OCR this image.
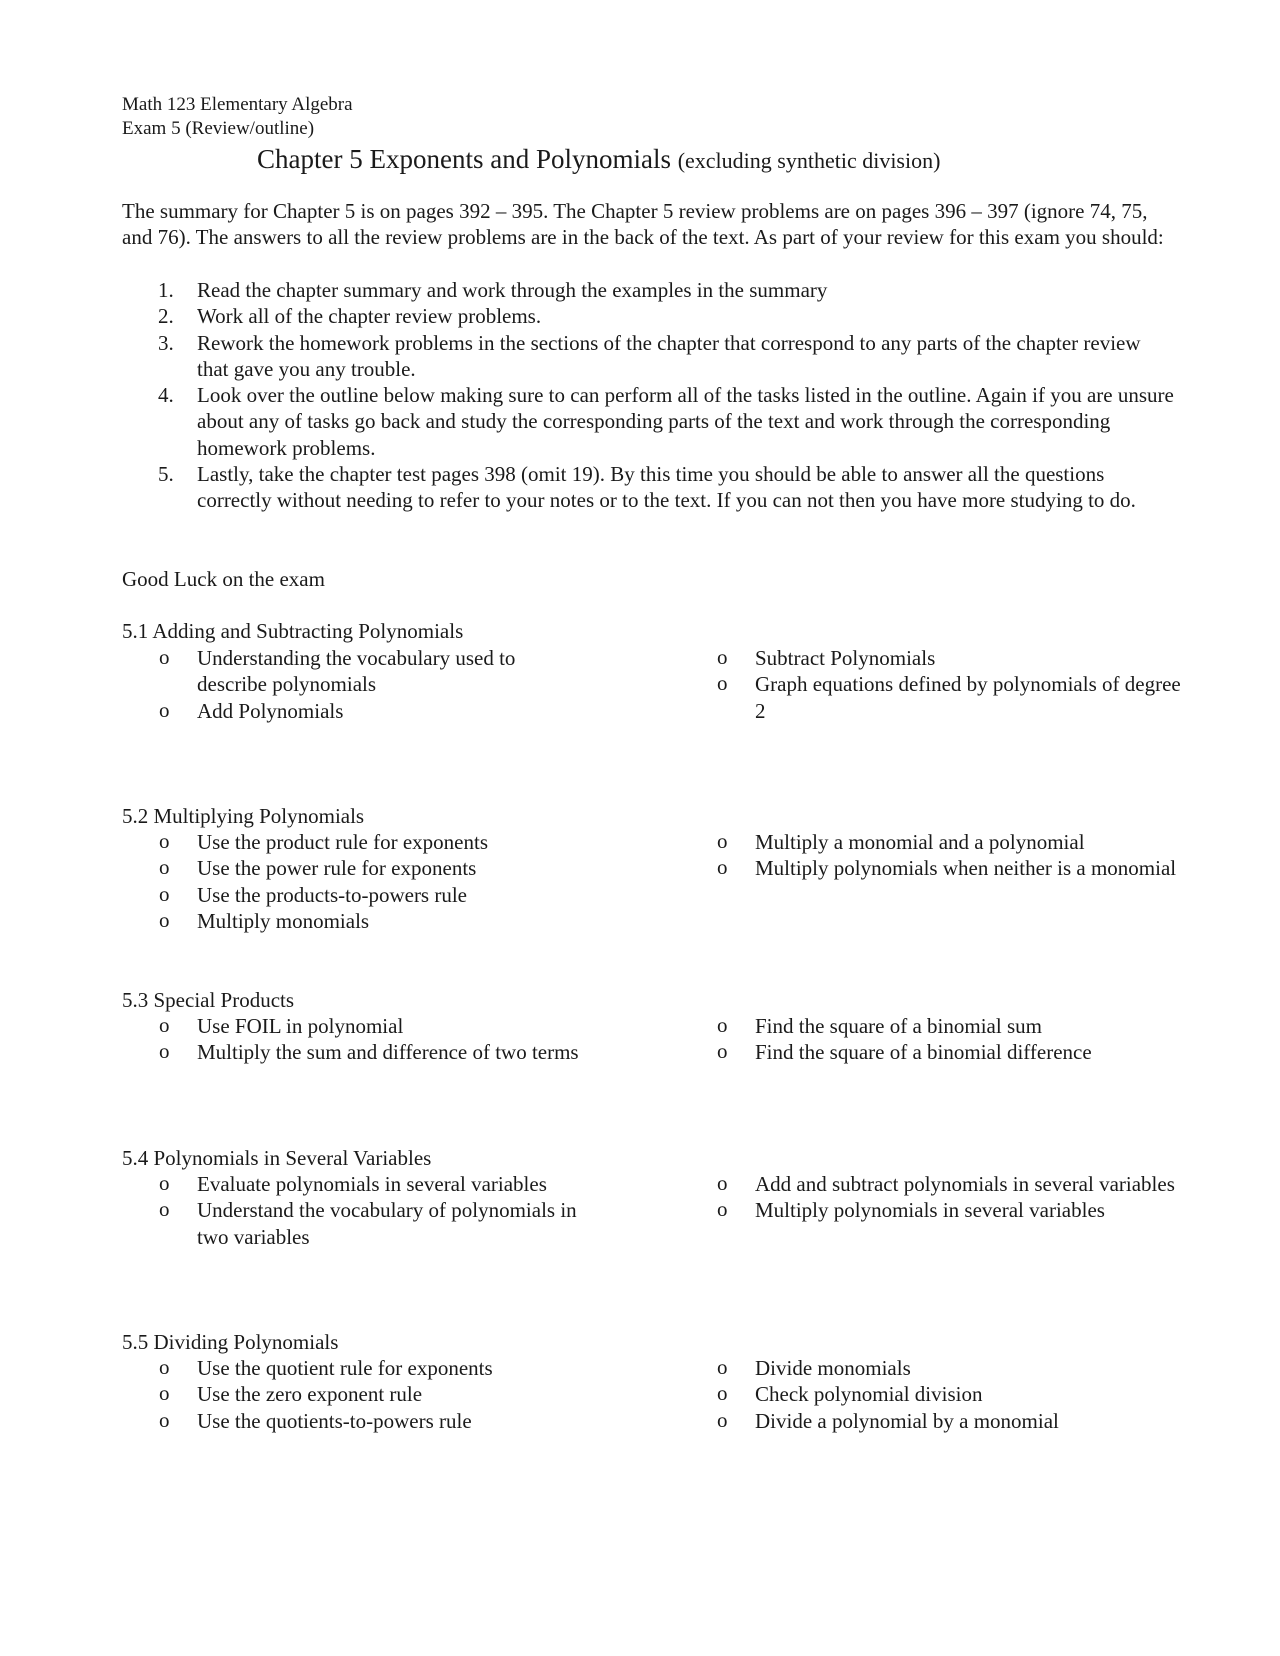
Math 123 Elementary Algebra
Exam 5 (Review/outline)
Chapter 5 Exponents and Polynomials (excluding synthetic division)

The summary for Chapter 5 is on pages 392 – 395. The Chapter 5 review problems are on pages 396 – 397 (ignore 74, 75, and 76). The answers to all the review problems are in the back of the text. As part of your review for this exam you should:

1. Read the chapter summary and work through the examples in the summary
2. Work all of the chapter review problems.
3. Rework the homework problems in the sections of the chapter that correspond to any parts of the chapter review that gave you any trouble.
4. Look over the outline below making sure to can perform all of the tasks listed in the outline. Again if you are unsure about any of tasks go back and study the corresponding parts of the text and work through the corresponding homework problems.
5. Lastly, take the chapter test pages 398 (omit 19). By this time you should be able to answer all the questions correctly without needing to refer to your notes or to the text. If you can not then you have more studying to do.
Good Luck on the exam
5.1 Adding and Subtracting Polynomials
o Understanding the vocabulary used to describe polynomials
o Add Polynomials
o Subtract Polynomials
o Graph equations defined by polynomials of degree 2
5.2 Multiplying Polynomials
o Use the product rule for exponents
o Use the power rule for exponents
o Use the products-to-powers rule
o Multiply monomials
o Multiply a monomial and a polynomial
o Multiply polynomials when neither is a monomial
5.3 Special Products
o Use FOIL in polynomial
o Multiply the sum and difference of two terms
o Find the square of a binomial sum
o Find the square of a binomial difference
5.4 Polynomials in Several Variables
o Evaluate polynomials in several variables
o Understand the vocabulary of polynomials in two variables
o Add and subtract polynomials in several variables
o Multiply polynomials in several variables
5.5 Dividing Polynomials
o Use the quotient rule for exponents
o Use the zero exponent rule
o Use the quotients-to-powers rule
o Divide monomials
o Check polynomial division
o Divide a polynomial by a monomial
